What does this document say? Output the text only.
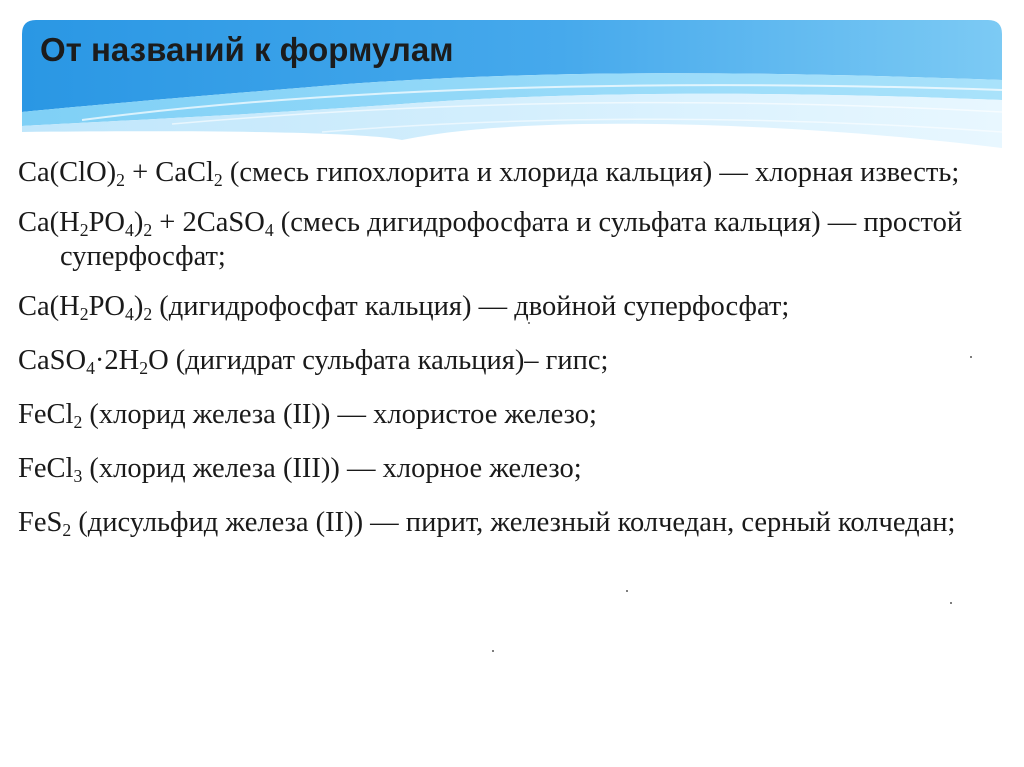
От названий к формулам
$Ca(ClO)_2$ + CaCl$_2$ (смесь гипохлорита и хлорида кальция) — хлорная известь;
$Ca(H_2PO_4)_2$ + 2CaSO$_4$ (смесь дигидрофосфата и сульфата кальция) — простой суперфосфат;
$Ca(H_2PO_4)_2$ (дигидрофосфат кальция) — двойной суперфосфат;
$CaSO_4\cdot 2H_2O$ (дигидрат сульфата кальция)– гипс;
FeCl$_2$ (хлорид железа (II)) — хлористое железо;
FeCl$_3$ (хлорид железа (III)) — хлорное железо;
FeS$_2$ (дисульфид железа (II)) — пирит, железный колчедан, серный колчедан;
